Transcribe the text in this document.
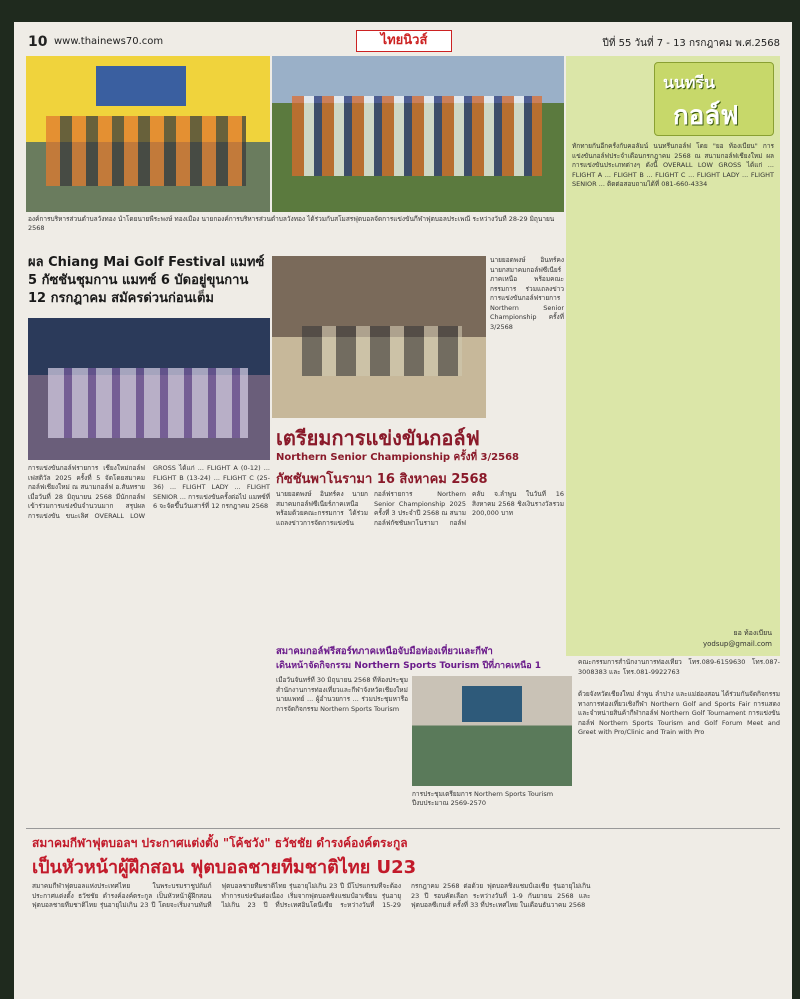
10 www.thainews70.com	ไทยนิวส์	ปีที่ 55 วันที่ 7 - 13 กรกฎาคม พ.ศ.2568
องค์การบริหารส่วนตำบลวังทอง นำโดยนายพีระพงษ์ ทองเมือง นายกองค์การบริหารส่วนตำบลวังทอง ได้ร่วมกับสโมสรฟุตบอลจัดการแข่งขันกีฬาฟุตบอลประเพณี ระหว่างวันที่ 28-29 มิถุนายน 2568
นนทรีน
กอล์ฟ
ทักทายกันอีกครั้งกับคอลัมน์ นนทรีนกอล์ฟ โดย "ยอ ท้องเบียน" การแข่งขันกอล์ฟประจำเดือนกรกฎาคม 2568 ณ สนามกอล์ฟเชียงใหม่ ผลการแข่งขันประเภทต่างๆ ดังนี้ OVERALL LOW GROSS ได้แก่ ... FLIGHT A ... FLIGHT B ... FLIGHT C ... FLIGHT LADY ... FLIGHT SENIOR ... ติดต่อสอบถามได้ที่ 081-660-4334
ยอ ท้องเบียน
yodsup@gmail.com
ผล Chiang Mai Golf Festival แมทซ์ 5 กัซชันชุมกาน แมทซ์ 6 บัดอยู่ขุนกาน 12 กรกฎาคม สมัครด่วนก่อนเต็ม
การแข่งขันกอล์ฟรายการ เชียงใหม่กอล์ฟเฟสติวัล 2025 ครั้งที่ 5 จัดโดยสมาคมกอล์ฟเชียงใหม่ ณ สนามกอล์ฟ อ.สันทราย เมื่อวันที่ 28 มิถุนายน 2568 มีนักกอล์ฟเข้าร่วมการแข่งขันจำนวนมาก สรุปผลการแข่งขัน ขนะเลิศ OVERALL LOW GROSS ได้แก่ ... FLIGHT A (0-12) ... FLIGHT B (13-24) ... FLIGHT C (25-36) ... FLIGHT LADY ... FLIGHT SENIOR ... การแข่งขันครั้งต่อไป แมทซ์ที่ 6 จะจัดขึ้นวันเสาร์ที่ 12 กรกฎาคม 2568
นายยอดพงษ์ อินทร์คง นายกสมาคมกอล์ฟซีเนียร์ภาคเหนือ พร้อมคณะกรรมการ ร่วมแถลงข่าวการแข่งขันกอล์ฟรายการ Northern Senior Championship ครั้งที่ 3/2568
เตรียมการแข่งขันกอล์ฟ
Northern Senior Championship ครั้งที่ 3/2568
กัซชันพาโนรามา 16 สิงหาคม 2568
นายยอดพงษ์ อินทร์คง นายกสมาคมกอล์ฟซีเนียร์ภาคเหนือ พร้อมด้วยคณะกรรมการ ได้ร่วมแถลงข่าวการจัดการแข่งขันกอล์ฟรายการ Northern Senior Championship 2025 ครั้งที่ 3 ประจำปี 2568 ณ สนามกอล์ฟกัซชันพาโนรามา กอล์ฟคลับ จ.ลำพูน ในวันที่ 16 สิงหาคม 2568 ชิงเงินรางวัลรวม 200,000 บาท
สมาคมกอล์ฟรีสอร์ทภาคเหนือจับมือท่องเที่ยวและกีฬา
เดินหน้าจัดกิจกรรม Northern Sports Tourism ปีที่ภาคเหนือ 1
เมื่อวันจันทร์ที่ 30 มิถุนายน 2568 ที่ห้องประชุมสำนักงานการท่องเที่ยวและกีฬาจังหวัดเชียงใหม่ นายแพทย์ ... ผู้อำนวยการ ... ร่วมประชุมหารือการจัดกิจกรรม Northern Sports Tourism
การประชุมเตรียมการ Northern Sports Tourism ปีงบประมาณ 2569-2570
คณะกรรมการสำนักงานการท่องเที่ยว โทร.089-6159630 โทร.087-3008383 และ โทร.081-9922763
ด้วยจังหวัดเชียงใหม่ ลำพูน ลำปาง และแม่ฮ่องสอน ได้ร่วมกันจัดกิจกรรมทางการท่องเที่ยวเชิงกีฬา Northern Golf and Sports Fair การแสดงและจำหน่ายสินค้ากีฬากอล์ฟ Northern Golf Tournament การแข่งขันกอล์ฟ Northern Sports Tourism and Golf Forum Meet and Greet with Pro/Clinic and Train with Pro
สมาคมกีฬาฟุตบอลฯ ประกาศแต่งตั้ง "โค้ชวัง" ธวัชชัย ดำรงค์องค์ตระกูล
เป็นหัวหน้าผู้ฝึกสอน ฟุตบอลชายทีมชาติไทย U23
สมาคมกีฬาฟุตบอลแห่งประเทศไทย ในพระบรมราชูปถัมภ์ ประกาศแต่งตั้ง ธวัชชัย ดำรงค์องค์ตระกูล เป็นหัวหน้าผู้ฝึกสอนฟุตบอลชายทีมชาติไทย รุ่นอายุไม่เกิน 23 ปี โดยจะเริ่มงานทันที ฟุตบอลชายทีมชาติไทย รุ่นอายุไม่เกิน 23 ปี มีโปรแกรมที่จะต้องทำการแข่งขันต่อเนื่อง เริ่มจากฟุตบอลชิงแชมป์อาเซียน รุ่นอายุไม่เกิน 23 ปี ที่ประเทศอินโดนีเซีย ระหว่างวันที่ 15-29 กรกฎาคม 2568 ต่อด้วย ฟุตบอลชิงแชมป์เอเชีย รุ่นอายุไม่เกิน 23 ปี รอบคัดเลือก ระหว่างวันที่ 1-9 กันยายน 2568 และ ฟุตบอลซีเกมส์ ครั้งที่ 33 ที่ประเทศไทย ในเดือนธันวาคม 2568
